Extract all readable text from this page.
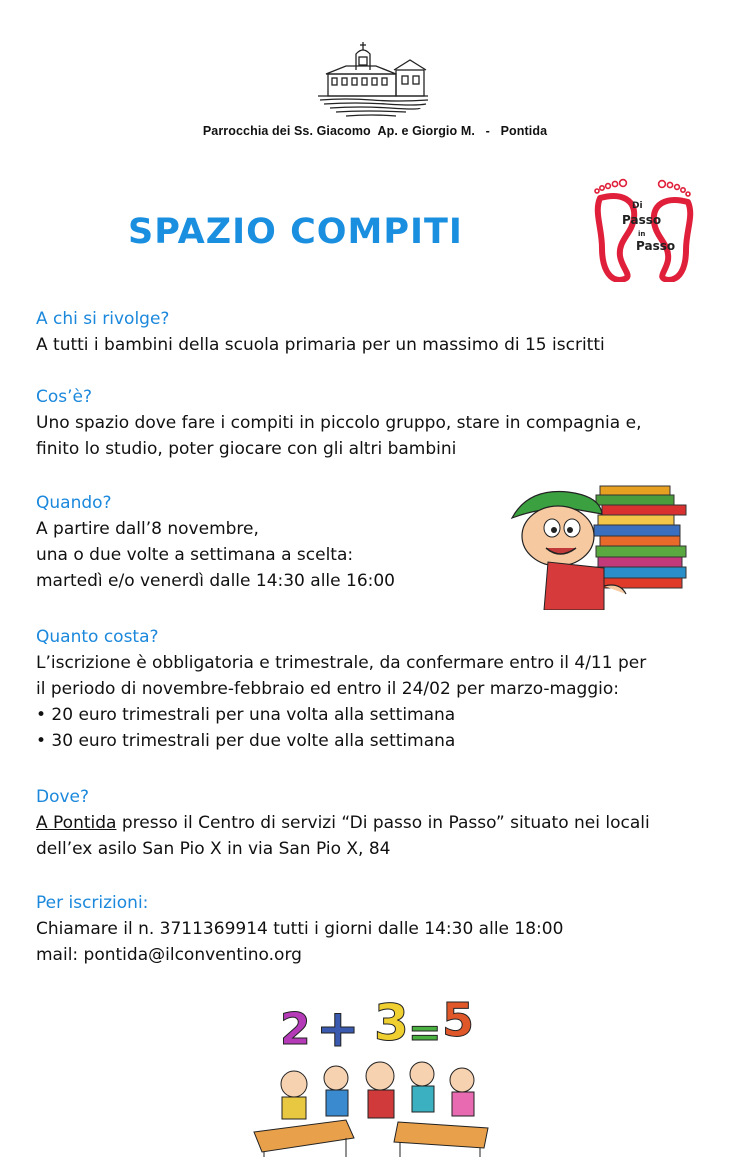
Parrocchia dei Ss. Giacomo  Ap. e Giorgio M.   -   Pontida
SPAZIO COMPITI
Di
Passo
in
Passo
A chi si rivolge?
A tutti i bambini della scuola primaria per un massimo di 15 iscritti
Cos’è?
Uno spazio dove fare i compiti in piccolo gruppo, stare in compagnia e,
finito lo studio, poter giocare con gli altri bambini
Quando?
A partire dall’8 novembre,
una o due volte a settimana a scelta:
martedì e/o venerdì dalle 14:30 alle 16:00
Quanto costa?
L’iscrizione è obbligatoria e trimestrale, da confermare entro il 4/11 per
il periodo di novembre-febbraio ed entro il 24/02 per marzo-maggio:
• 20 euro trimestrali per una volta alla settimana
• 30 euro trimestrali per due volte alla settimana
Dove?
A Pontida presso il Centro di servizi “Di passo in Passo” situato nei locali
dell’ex asilo San Pio X in via San Pio X, 84
Per iscrizioni:
Chiamare il n. 3711369914 tutti i giorni dalle 14:30 alle 18:00
mail: pontida@ilconventino.org
2 + 3 = 5
